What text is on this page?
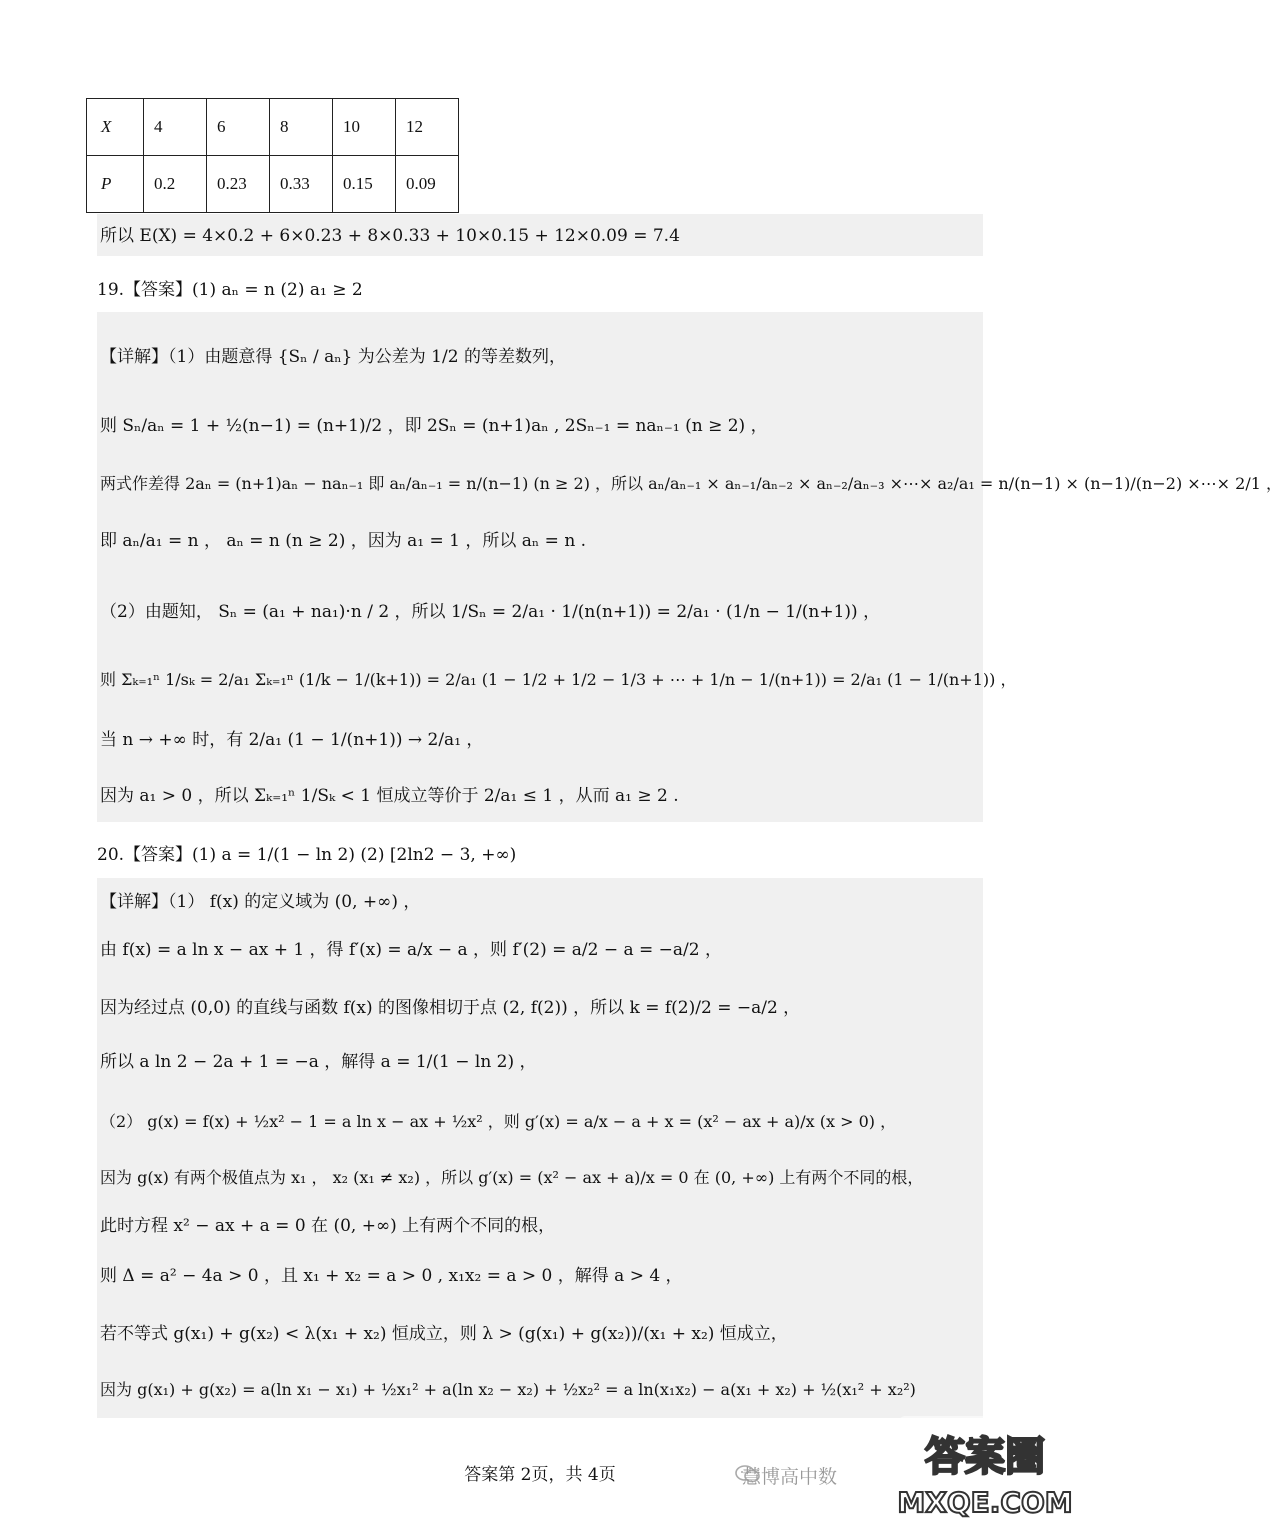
X	4	6	8	10	12
P	0.2	0.23	0.33	0.15	0.09
所以 E(X) = 4×0.2 + 6×0.23 + 8×0.33 + 10×0.15 + 12×0.09 = 7.4
19.【答案】(1) aₙ = n (2) a₁ ≥ 2
【详解】（1）由题意得 {Sₙ / aₙ} 为公差为 1/2 的等差数列，
则 Sₙ/aₙ = 1 + ½(n−1) = (n+1)/2 ，即 2Sₙ = (n+1)aₙ , 2Sₙ₋₁ = naₙ₋₁ (n ≥ 2) ，
两式作差得 2aₙ = (n+1)aₙ − naₙ₋₁ 即 aₙ/aₙ₋₁ = n/(n−1) (n ≥ 2) ，所以 aₙ/aₙ₋₁ × aₙ₋₁/aₙ₋₂ × aₙ₋₂/aₙ₋₃ ×⋯× a₂/a₁ = n/(n−1) × (n−1)/(n−2) ×⋯× 2/1 ，
即 aₙ/a₁ = n ， aₙ = n (n ≥ 2) ，因为 a₁ = 1 ，所以 aₙ = n .
（2）由题知， Sₙ = (a₁ + na₁)·n / 2 ，所以 1/Sₙ = 2/a₁ · 1/(n(n+1)) = 2/a₁ · (1/n − 1/(n+1)) ，
则 Σₖ₌₁ⁿ 1/sₖ = 2/a₁ Σₖ₌₁ⁿ (1/k − 1/(k+1)) = 2/a₁ (1 − 1/2 + 1/2 − 1/3 + ⋯ + 1/n − 1/(n+1)) = 2/a₁ (1 − 1/(n+1)) ，
当 n → +∞ 时，有 2/a₁ (1 − 1/(n+1)) → 2/a₁ ，
因为 a₁ > 0 ，所以 Σₖ₌₁ⁿ 1/Sₖ < 1 恒成立等价于 2/a₁ ≤ 1 ，从而 a₁ ≥ 2 .
20.【答案】(1) a = 1/(1 − ln 2) (2) [2ln2 − 3, +∞)
【详解】（1） f(x) 的定义域为 (0, +∞) ，
由 f(x) = a ln x − ax + 1 ，得 f′(x) = a/x − a ，则 f′(2) = a/2 − a = −a/2 ，
因为经过点 (0,0) 的直线与函数 f(x) 的图像相切于点 (2, f(2)) ，所以 k = f(2)/2 = −a/2 ，
所以 a ln 2 − 2a + 1 = −a ，解得 a = 1/(1 − ln 2) ，
（2） g(x) = f(x) + ½x² − 1 = a ln x − ax + ½x² ，则 g′(x) = a/x − a + x = (x² − ax + a)/x (x > 0) ，
因为 g(x) 有两个极值点为 x₁ ， x₂ (x₁ ≠ x₂) ，所以 g′(x) = (x² − ax + a)/x = 0 在 (0, +∞) 上有两个不同的根，
此时方程 x² − ax + a = 0 在 (0, +∞) 上有两个不同的根，
则 Δ = a² − 4a > 0 ，且 x₁ + x₂ = a > 0 , x₁x₂ = a > 0 ，解得 a > 4 ，
若不等式 g(x₁) + g(x₂) < λ(x₁ + x₂) 恒成立，则 λ > (g(x₁) + g(x₂))/(x₁ + x₂) 恒成立，
因为 g(x₁) + g(x₂) = a(ln x₁ − x₁) + ½x₁² + a(ln x₂ − x₂) + ½x₂² = a ln(x₁x₂) − a(x₁ + x₂) + ½(x₁² + x₂²)
答案第 2页，共 4页	慧博高中数 答案圈
MXQE.COM
